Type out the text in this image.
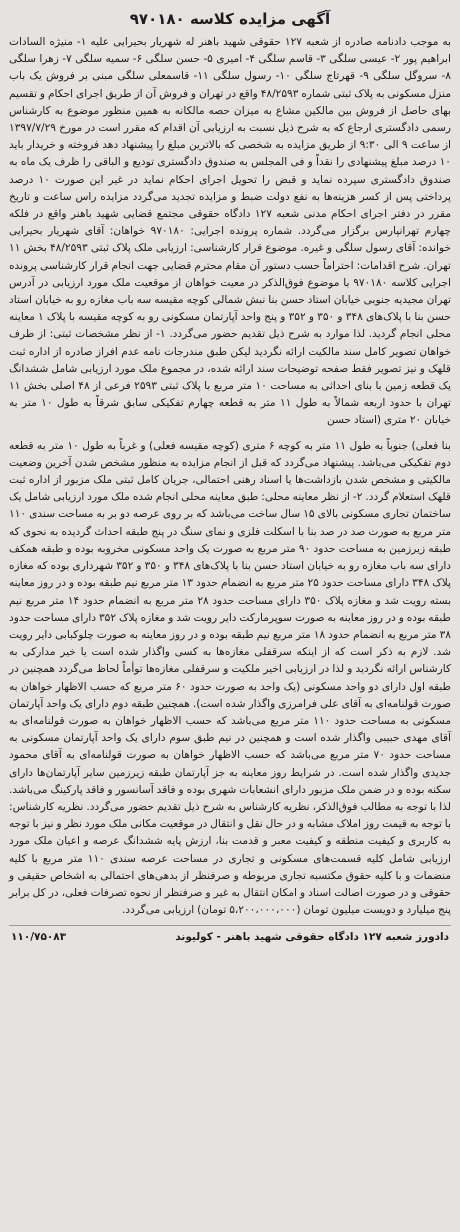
آگهی مزایده کلاسه ۹۷۰۱۸۰

به موجب دادنامه صادره از شعبه ۱۲۷ حقوقی شهید باهنر له شهریار بحیرایی علیه ۱- منیژه السادات ابراهیم پور ۲- عیسی سلگی ۳- قاسم سلگی ۴- امیری ۵- حسن سلگی ۶- سمیه سلگی ۷- زهرا سلگی ۸- سروگل سلگی ۹- قهرتاج سلگی ۱۰- رسول سلگی ۱۱- قاسمعلی سلگی مبنی بر فروش یک باب منزل مسکونی به پلاک ثبتی شماره ۴۸/۲۵۹۳ واقع در تهران و فروش آن از طریق اجرای احکام و تقسیم بهای حاصل از فروش بین مالکین مشاع به میزان حصه مالکانه به همین منظور موضوع به کارشناس رسمی دادگستری ارجاع که به شرح ذیل نسبت به ارزیابی آن اقدام که مقرر است در مورخ ۱۳۹۷/۷/۲۹ از ساعت ۹ الی ۹:۳۰ از طریق مزایده به شخصی که بالاترین مبلغ را پیشنهاد دهد فروخته و خریدار باید ۱۰ درصد مبلغ پیشنهادی را نقداً و فی المجلس به صندوق دادگستری تودیع و الباقی را ظرف یک ماه به صندوق دادگستری سپرده نماید و قبض را تحویل اجرای احکام نماید در غیر این صورت ۱۰ درصد پرداختی پس از کسر هزینه‌ها به نفع دولت ضبط و مزایده تجدید می‌گردد مزایده راس ساعت و تاریخ مقرر در دفتر اجرای احکام مدنی شعبه ۱۲۷ دادگاه حقوقی مجتمع قضایی شهید باهنر واقع در فلکه چهارم تهرانپارس برگزار می‌گردد. شماره پرونده اجرایی: ۹۷۰۱۸۰ خواهان: آقای شهریار بحیرایی خوانده: آقای رسول سلگی و غیره. موضوع قرار کارشناسی: ارزیابی ملک پلاک ثبتی ۴۸/۲۵۹۳ بخش ۱۱ تهران. شرح اقدامات: احتراماً حسب دستور آن مقام محترم قضایی جهت انجام قرار کارشناسی پرونده اجرایی کلاسه ۹۷۰۱۸۰ با موضوع فوق‌الذکر در معیت خواهان از موقعیت ملک مورد ارزیابی در آدرس تهران مجیدیه جنوبی خیابان استاد حسن بنا نبش شمالی کوچه مقیسه سه باب مغازه رو به خیابان استاد حسن بنا با پلاک‌های ۳۴۸ و ۳۵۰ و ۳۵۲ و پنج واحد آپارتمان مسکونی رو به کوچه مقیسه با پلاک ۱ معاینه محلی انجام گردید. لذا موارد به شرح ذیل تقدیم حضور می‌گردد. ۱- از نظر مشخصات ثبتی: از طرف خواهان تصویر کامل سند مالکیت ارائه نگردید لیکن طبق مندرجات نامه عدم افراز صادره از اداره ثبت قلهک و نیز تصویر فقط صفحه توضیحات سند ارائه شده، در مجموع ملک مورد ارزیابی شامل ششدانگ یک قطعه زمین با بنای احداثی به مساحت ۱۰ متر مربع با پلاک ثبتی ۲۵۹۳ فرعی از ۴۸ اصلی بخش ۱۱ تهران با حدود اربعه شمالاً به طول ۱۱ متر به قطعه چهارم تفکیکی سابق شرقاً به طول ۱۰ متر به خیابان ۲۰ متری (استاد حسن

بنا فعلی) جنوباً به طول ۱۱ متر به کوچه ۶ متری (کوچه مقیسه فعلی) و غرباً به طول ۱۰ متر به قطعه دوم تفکیکی می‌باشد. پیشنهاد می‌گردد که قبل از انجام مزایده به منظور مشخص شدن آخرین وضعیت مالکیتی و مشخص شدن بازداشت‌ها یا اسناد رهنی احتمالی، جریان کامل ثبتی ملک مزبور از اداره ثبت قلهک استعلام گردد. ۲- از نظر معاینه محلی: طبق معاینه محلی انجام شده ملک مورد ارزیابی شامل یک ساختمان تجاری مسکونی بالای ۱۵ سال ساخت می‌باشد که بر روی عرصه دو بر به مساحت سندی ۱۱۰ متر مربع به صورت صد در صد بنا با اسکلت فلزی و نمای سنگ در پنج طبقه احداث گردیده به نحوی که طبقه زیرزمین به مساحت حدود ۹۰ متر مربع به صورت یک واحد مسکونی مخروبه بوده و طبقه همکف دارای سه باب مغازه رو به خیابان استاد حسن بنا با پلاک‌های ۳۴۸ و ۳۵۰ و ۳۵۲ شهرداری بوده که مغازه پلاک ۳۴۸ دارای مساحت حدود ۲۵ متر مربع به انضمام حدود ۱۳ متر مربع نیم طبقه بوده و در روز معاینه بسته رویت شد و مغازه پلاک ۳۵۰ دارای مساحت حدود ۲۸ متر مربع به انضمام حدود ۱۴ متر مربع نیم طبقه بوده و در روز معاینه به صورت سوپرمارکت دایر رویت شد و مغازه پلاک ۳۵۲ دارای مساحت حدود ۳۸ متر مربع به انضمام حدود ۱۸ متر مربع نیم طبقه بوده و در روز معاینه به صورت چلوکبابی دایر رویت شد. لازم به ذکر است که از اینکه سرقفلی مغازه‌ها به کسی واگذار شده است یا خیر مدارکی به کارشناس ارائه نگردید و لذا در ارزیابی اخیر ملکیت و سرقفلی مغازه‌ها توأماً لحاظ می‌گردد همچنین در طبقه اول دارای دو واحد مسکونی (یک واحد به صورت حدود ۶۰ متر مربع که حسب الاظهار خواهان به صورت قولنامه‌ای به آقای علی فرامرزی واگذار شده است). همچنین طبقه دوم دارای یک واحد آپارتمان مسکونی به مساحت حدود ۱۱۰ متر مربع می‌باشد که حسب الاظهار خواهان به صورت قولنامه‌ای به آقای مهدی حبیبی واگذار شده است و همچنین در نیم طبق سوم دارای یک واحد آپارتمان مسکونی به مساحت حدود ۷۰ متر مربع می‌باشد که حسب الاظهار خواهان به صورت قولنامه‌ای به آقای محمود جدیدی واگذار شده است. در شرایط روز معاینه به جز آپارتمان طبقه زیرزمین سایر آپارتمان‌ها دارای سکنه بوده و در ضمن ملک مزبور دارای انشعابات شهری بوده و فاقد آسانسور و فاقد پارکینگ می‌باشد. لذا با توجه به مطالب فوق‌الذکر، نظریه کارشناس به شرح ذیل تقدیم حضور می‌گردد. نظریه کارشناس: با توجه به قیمت روز املاک مشابه و در حال نقل و انتقال در موقعیت مکانی ملک مورد نظر و نیز با توجه به کاربری و کیفیت منطقه و کیفیت معبر و قدمت بنا، ارزش پایه ششدانگ عرصه و اعیان ملک مورد ارزیابی شامل کلیه قسمت‌های مسکونی و تجاری در مساحت عرصه سندی ۱۱۰ متر مربع با کلیه منضمات و با کلیه حقوق مکتسبه تجاری مربوطه و صرفنظر از بدهی‌های احتمالی به اشخاص حقیقی و حقوقی و در صورت اصالت اسناد و امکان انتقال به غیر و صرفنظر از نحوه تصرفات فعلی، در کل برابر پنج میلیارد و دویست میلیون تومان (۵،۲۰۰،۰۰۰،۰۰۰ تومان) ارزیابی می‌گردد.

دادورز شعبه ۱۲۷ دادگاه حقوقی شهید باهنر - کولیوند
۱۱۰/۷۵۰۸۳
